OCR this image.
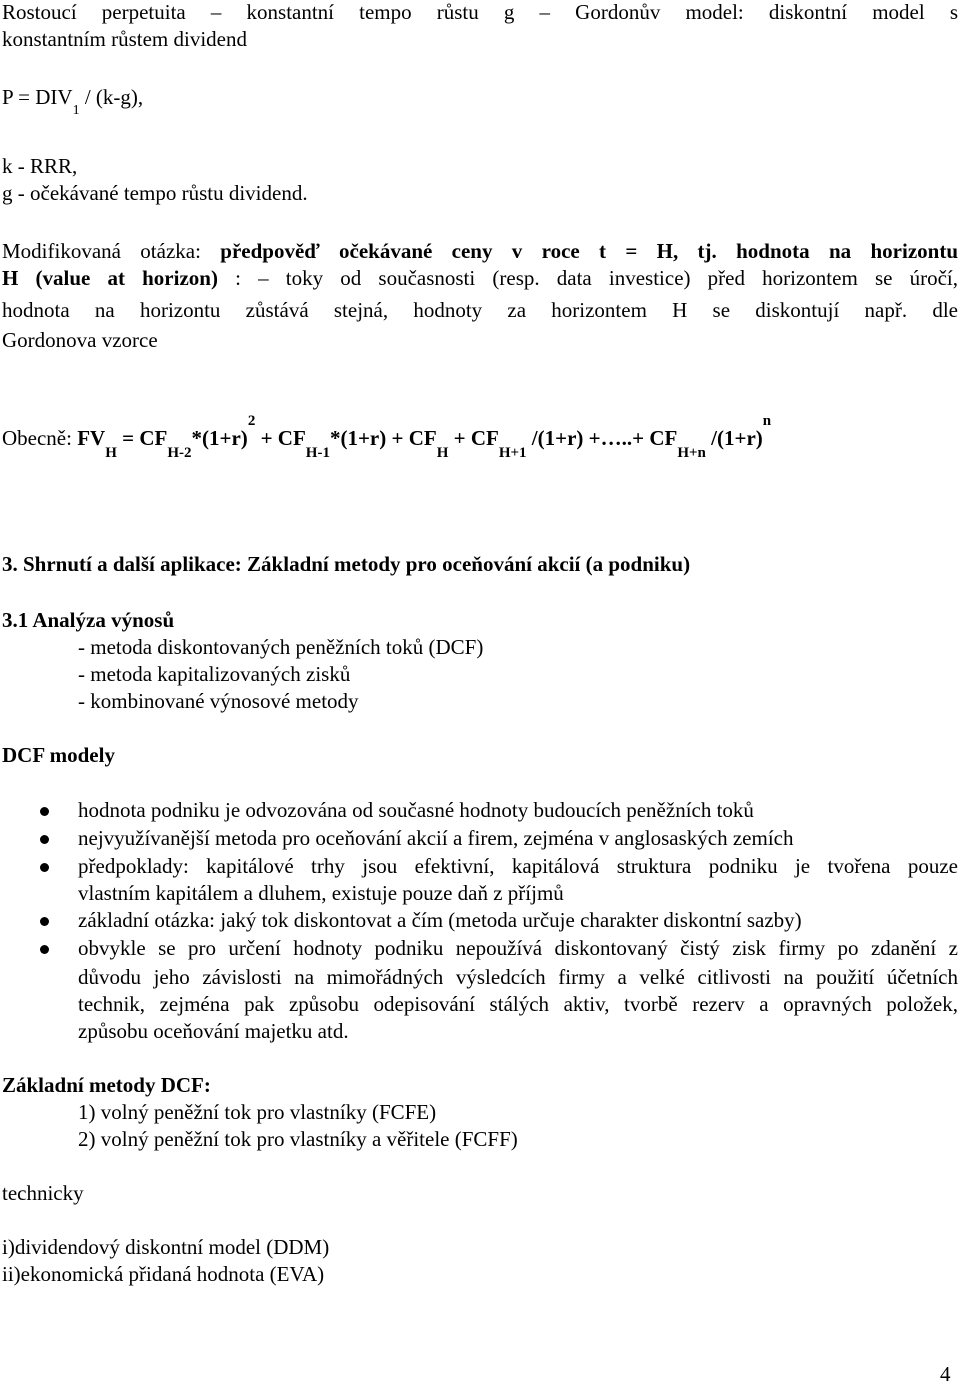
Rostoucí perpetuita – konstantní tempo růstu g – Gordonův model: diskontní model s
konstantním růstem dividend
$P = DIV_1 / (k-g)$,
k - RRR,
g - očekávané tempo růstu dividend.
Modifikovaná otázka: předpověď očekávané ceny v roce t = H, tj. hodnota na horizontu
H (value at horizon) : – toky od současnosti (resp. data investice) před horizontem se úročí,
hodnota na horizontu zůstává stejná, hodnoty za horizontem H se diskontují např. dle
Gordonova vzorce
Obecně: $FV_H = CF_{H-2}*(1+r)^2 + CF_{H-1}*(1+r) + CF_H + CF_{H+1}$ /(1+r) +…..+ $CF_{H+n}$ $/(1+r)^n$
3. Shrnutí a další aplikace: Základní metody pro oceňování akcií (a podniku)
3.1 Analýza výnosů
- metoda diskontovaných peněžních toků (DCF)
- metoda kapitalizovaných zisků
- kombinované výnosové metody
DCF modely
hodnota podniku je odvozována od současné hodnoty budoucích peněžních toků
nejvyužívanější metoda pro oceňování akcií a firem, zejména v anglosaských zemích
předpoklady: kapitálové trhy jsou efektivní, kapitálová struktura podniku je tvořena pouze
vlastním kapitálem a dluhem, existuje pouze daň z příjmů
základní otázka: jaký tok diskontovat a čím (metoda určuje charakter diskontní sazby)
obvykle se pro určení hodnoty podniku nepoužívá diskontovaný čistý zisk firmy po zdanění z
důvodu jeho závislosti na mimořádných výsledcích firmy a velké citlivosti na použití účetních
technik, zejména pak způsobu odepisování stálých aktiv, tvorbě rezerv a opravných položek,
způsobu oceňování majetku atd.
Základní metody DCF:
1) volný peněžní tok pro vlastníky (FCFE)
2) volný peněžní tok pro vlastníky a věřitele (FCFF)
technicky
i)dividendový diskontní model (DDM)
ii)ekonomická přidaná hodnota (EVA)
4
